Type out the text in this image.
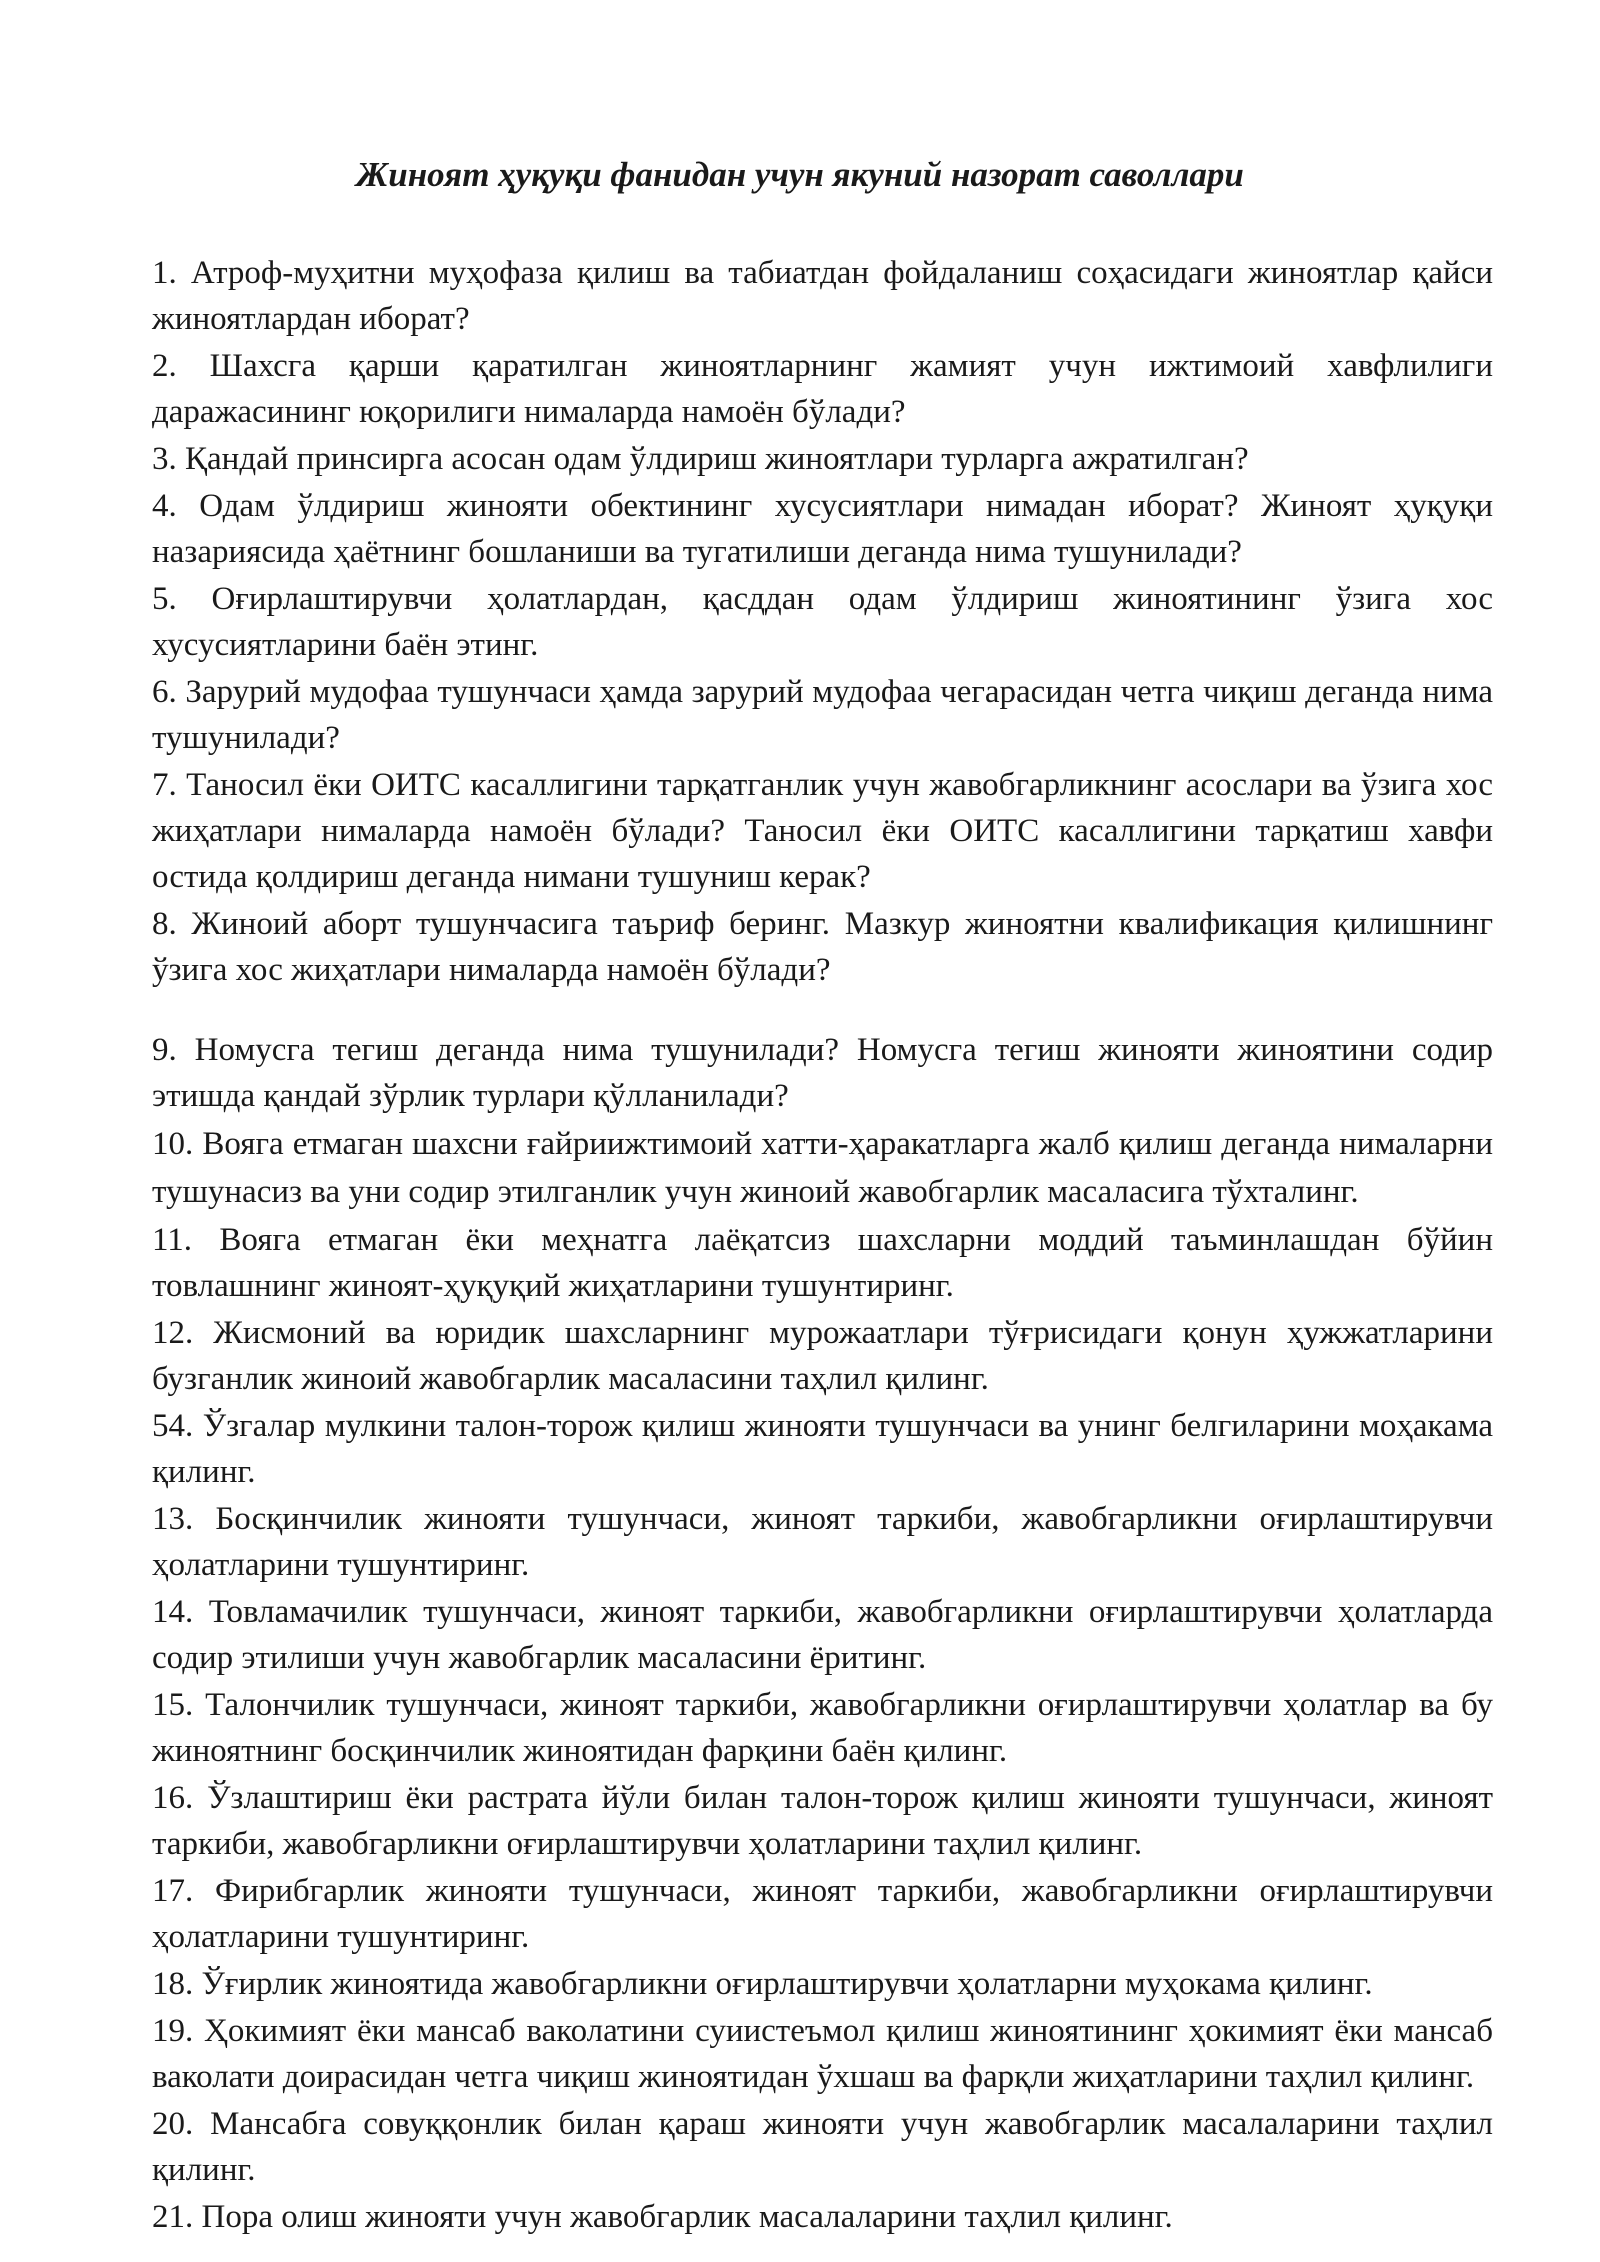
Жиноят ҳуқуқи фанидан учун якуний назорат саволлари

1. Атроф-муҳитни муҳофаза қилиш ва табиатдан фойдаланиш соҳасидаги жиноятлар қайси жиноятлардан иборат?

2. Шахсга қарши қаратилган жиноятларнинг жамият учун ижтимоий хавфлилиги даражасининг юқорилиги нималарда намоён бўлади?

3. Қандай принсирга асосан одам ўлдириш жиноятлари турларга ажратилган?

4. Одам ўлдириш жинояти обектининг хусусиятлари нимадан иборат? Жиноят ҳуқуқи назариясида ҳаётнинг бошланиши ва тугатилиши деганда нима тушунилади?

5. Оғирлаштирувчи ҳолатлардан, қасддан одам ўлдириш жиноятининг ўзига хос хусусиятларини баён этинг.

6. Зарурий мудофаа тушунчаси ҳамда зарурий мудофаа чегарасидан четга чиқиш деганда нима тушунилади?

7. Таносил ёки ОИТС касаллигини тарқатганлик учун жавобгарликнинг асослари ва ўзига хос жиҳатлари нималарда намоён бўлади? Таносил ёки ОИТС касаллигини тарқатиш хавфи остида қолдириш деганда нимани тушуниш керак?

8. Жиноий аборт тушунчасига таъриф беринг. Мазкур жиноятни квалификация қилишнинг ўзига хос жиҳатлари нималарда намоён бўлади?

9. Номусга тегиш деганда нима тушунилади? Номусга тегиш жинояти жиноятини содир этишда қандай зўрлик турлари қўлланилади?

10. Вояга етмаган шахсни ғайриижтимоий хатти-ҳаракатларга жалб қилиш деганда нималарни тушунасиз ва уни содир этилганлик учун жиноий жавобгарлик масаласига тўхталинг.

11. Вояга етмаган ёки меҳнатга лаёқатсиз шахсларни моддий таъминлашдан бўйин товлашнинг жиноят-ҳуқуқий жиҳатларини тушунтиринг.

12. Жисмоний ва юридик шахсларнинг мурожаатлари тўғрисидаги қонун ҳужжатларини бузганлик жиноий жавобгарлик масаласини таҳлил қилинг.

54. Ўзгалар мулкини талон-торож қилиш жинояти тушунчаси ва унинг белгиларини моҳакама қилинг.

13. Босқинчилик жинояти тушунчаси, жиноят таркиби, жавобгарликни оғирлаштирувчи ҳолатларини тушунтиринг.

14. Товламачилик тушунчаси, жиноят таркиби, жавобгарликни оғирлаштирувчи ҳолатларда содир этилиши учун жавобгарлик масаласини ёритинг.

15. Талончилик тушунчаси, жиноят таркиби, жавобгарликни оғирлаштирувчи ҳолатлар ва бу жиноятнинг босқинчилик жиноятидан фарқини баён қилинг.

16. Ўзлаштириш ёки растрата йўли билан талон-торож қилиш жинояти тушунчаси, жиноят таркиби, жавобгарликни оғирлаштирувчи ҳолатларини таҳлил қилинг.

17. Фирибгарлик жинояти тушунчаси, жиноят таркиби, жавобгарликни оғирлаштирувчи ҳолатларини тушунтиринг.

18. Ўғирлик жиноятида жавобгарликни оғирлаштирувчи ҳолатларни муҳокама қилинг.

19. Ҳокимият ёки мансаб ваколатини суиистеъмол қилиш жиноятининг ҳокимият ёки мансаб ваколати доирасидан четга чиқиш жиноятидан ўхшаш ва фарқли жиҳатларини таҳлил қилинг.

20. Мансабга совуққонлик билан қараш жинояти учун жавобгарлик масалаларини таҳлил қилинг.

21. Пора олиш жинояти учун жавобгарлик масалаларини таҳлил қилинг.
